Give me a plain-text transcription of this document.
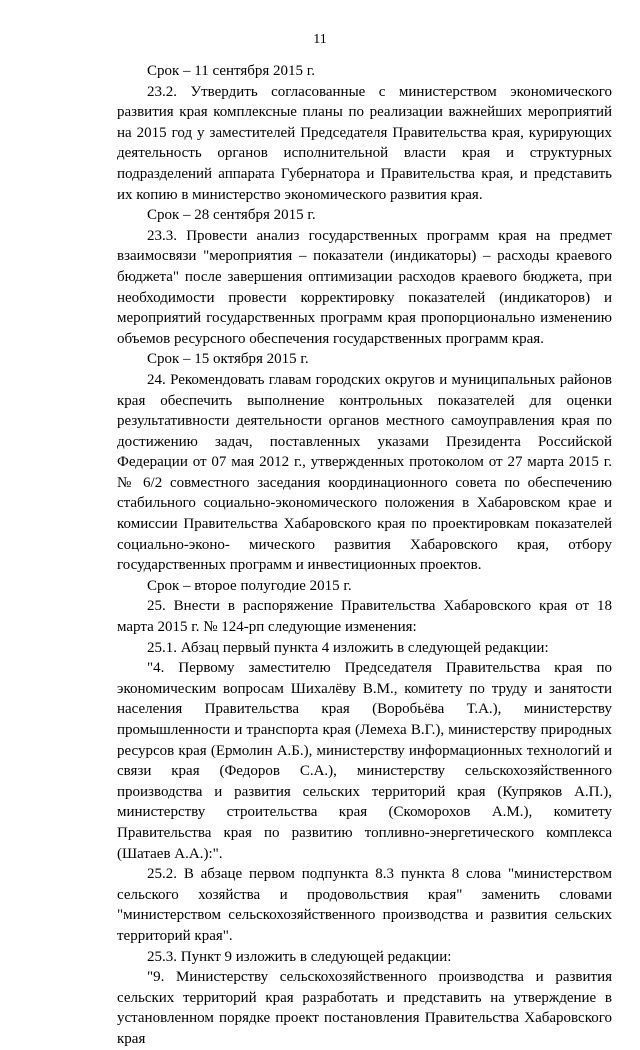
11

Срок – 11 сентября 2015 г.

23.2. Утвердить согласованные с министерством экономического развития края комплексные планы по реализации важнейших мероприятий на 2015 год у заместителей Председателя Правительства края, курирующих деятельность органов исполнительной власти края и структурных подразделений аппарата Губернатора и Правительства края, и представить их копию в министерство экономического развития края.

Срок – 28 сентября 2015 г.

23.3. Провести анализ государственных программ края на предмет взаимосвязи "мероприятия – показатели (индикаторы) – расходы краевого бюджета" после завершения оптимизации расходов краевого бюджета, при необходимости провести корректировку показателей (индикаторов) и мероприятий государственных программ края пропорционально изменению объемов ресурсного обеспечения государственных программ края.

Срок – 15 октября 2015 г.

24. Рекомендовать главам городских округов и муниципальных районов края обеспечить выполнение контрольных показателей для оценки результативности деятельности органов местного самоуправления края по достижению задач, поставленных указами Президента Российской Федерации от 07 мая 2012 г., утвержденных протоколом от 27 марта 2015 г. № 6/2 совместного заседания координационного совета по обеспечению стабильного социально-экономического положения в Хабаровском крае и комиссии Правительства Хабаровского края по проектировкам показателей социально-эконо- мического развития Хабаровского края, отбору государственных программ и инвестиционных проектов.

Срок – второе полугодие 2015 г.

25. Внести в распоряжение Правительства Хабаровского края от 18 марта 2015 г. № 124-рп следующие изменения:

25.1. Абзац первый пункта 4 изложить в следующей редакции:

"4. Первому заместителю Председателя Правительства края по экономическим вопросам Шихалёву В.М., комитету по труду и занятости населения Правительства края (Воробьёва Т.А.), министерству промышленности и транспорта края (Лемеха В.Г.), министерству природных ресурсов края (Ермолин А.Б.), министерству информационных технологий и связи края (Федоров С.А.), министерству сельскохозяйственного производства и развития сельских территорий края (Купряков А.П.), министерству строительства края (Скоморохов А.М.), комитету Правительства края по развитию топливно-энергетического комплекса (Шатаев А.А.):".

25.2. В абзаце первом подпункта 8.3 пункта 8 слова "министерством сельского хозяйства и продовольствия края" заменить словами "министерством сельскохозяйственного производства и развития сельских территорий края".

25.3. Пункт 9 изложить в следующей редакции:

"9. Министерству сельскохозяйственного производства и развития сельских территорий края разработать и представить на утверждение в установленном порядке проект постановления Правительства Хабаровского края
